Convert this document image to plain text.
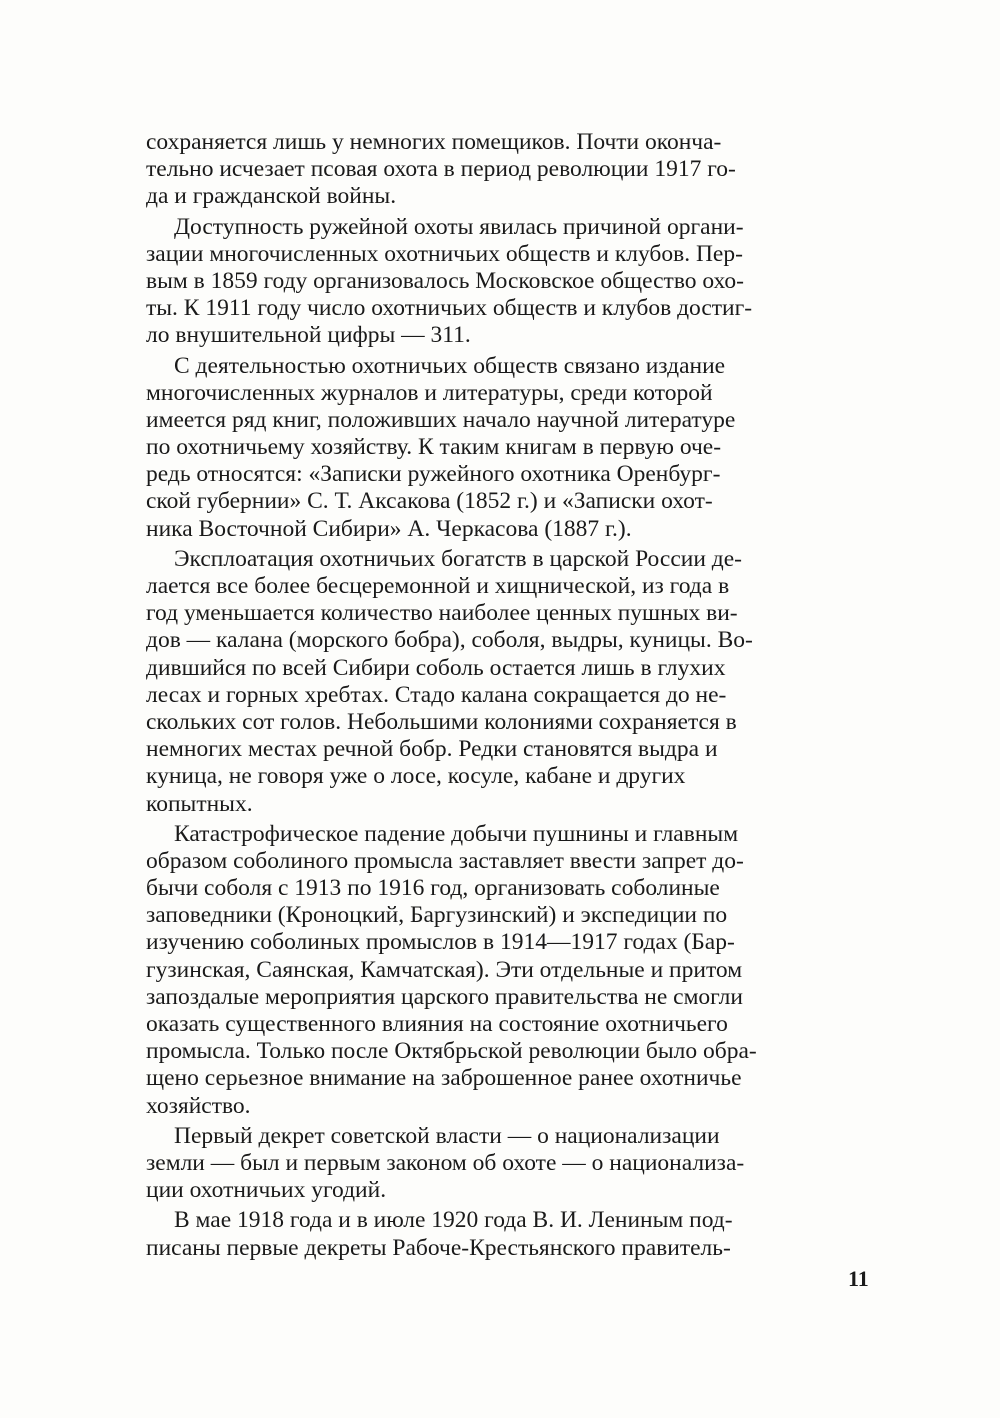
сохраняется лишь у немногих помещиков. Почти оконча-
тельно исчезает псовая охота в период революции 1917 го-
да и гражданской войны.
Доступность ружейной охоты явилась причиной органи-
зации многочисленных охотничьих обществ и клубов. Пер-
вым в 1859 году организовалось Московское общество охо-
ты. К 1911 году число охотничьих обществ и клубов достиг-
ло внушительной цифры — 311.
С деятельностью охотничьих обществ связано издание
многочисленных журналов и литературы, среди которой
имеется ряд книг, положивших начало научной литературе
по охотничьему хозяйству. К таким книгам в первую оче-
редь относятся: «Записки ружейного охотника Оренбург-
ской губернии» С. Т. Аксакова (1852 г.) и «Записки охот-
ника Восточной Сибири» А. Черкасова (1887 г.).
Эксплоатация охотничьих богатств в царской России де-
лается все более бесцеремонной и хищнической, из года в
год уменьшается количество наиболее ценных пушных ви-
дов — калана (морского бобра), соболя, выдры, куницы. Во-
дившийся по всей Сибири соболь остается лишь в глухих
лесах и горных хребтах. Стадо калана сокращается до не-
скольких сот голов. Небольшими колониями сохраняется в
немногих местах речной бобр. Редки становятся выдра и
куница, не говоря уже о лосе, косуле, кабане и других
копытных.
Катастрофическое падение добычи пушнины и главным
образом соболиного промысла заставляет ввести запрет до-
бычи соболя с 1913 по 1916 год, организовать соболиные
заповедники (Кроноцкий, Баргузинский) и экспедиции по
изучению соболиных промыслов в 1914—1917 годах (Бар-
гузинская, Саянская, Камчатская). Эти отдельные и притом
запоздалые мероприятия царского правительства не смогли
оказать существенного влияния на состояние охотничьего
промысла. Только после Октябрьской революции было обра-
щено серьезное внимание на заброшенное ранее охотничье
хозяйство.
Первый декрет советской власти — о национализации
земли — был и первым законом об охоте — о национализа-
ции охотничьих угодий.
В мае 1918 года и в июле 1920 года В. И. Лениным под-
писаны первые декреты Рабоче-Крестьянского правитель-
11
